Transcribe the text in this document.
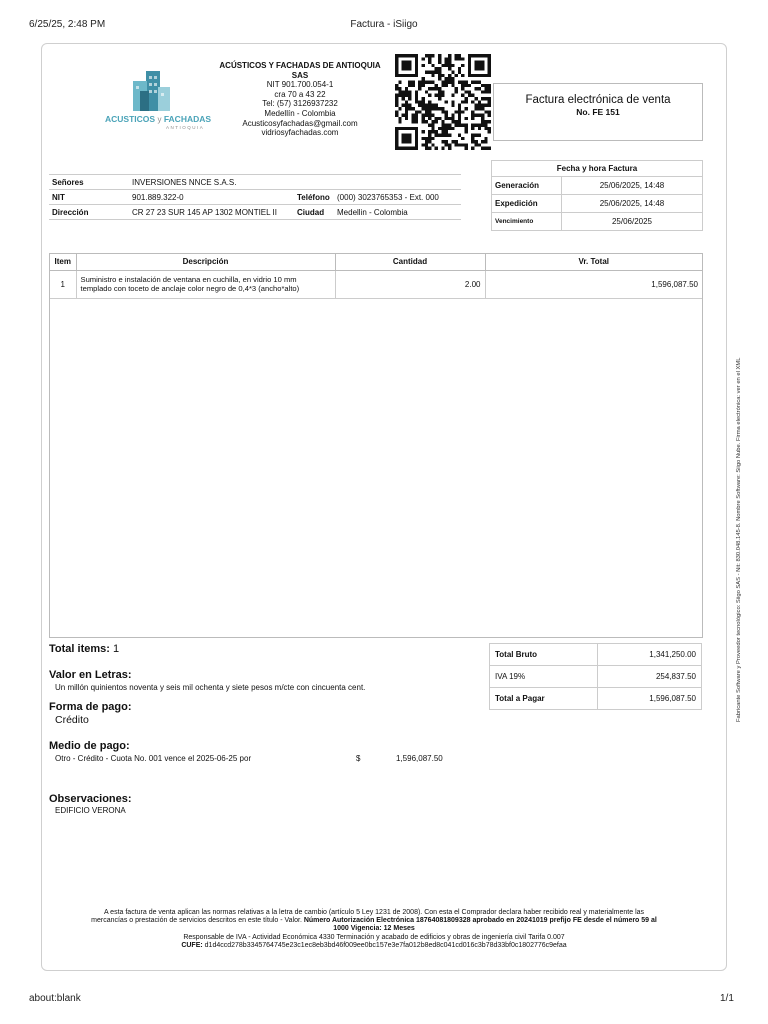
6/25/25, 2:48 PM	Factura - iSiigo
about:blank	1/1
ACUSTICOS y FACHADAS
ANTIOQUIA
ACÚSTICOS Y FACHADAS DE ANTIOQUIA
SAS
NIT 901.700.054-1
cra 70 a 43 22
Tel: (57) 3126937232
Medellín - Colombia
Acusticosyfachadas@gmail.com
vidriosyfachadas.com
Factura electrónica de venta
No. FE 151
Señores	INVERSIONES NNCE S.A.S.		
NIT	901.889.322-0	Teléfono	(000) 3023765353 - Ext. 000
Dirección	CR 27 23 SUR 145 AP 1302 MONTIEL II	Ciudad	Medellin - Colombia
Fecha y hora Factura	
Generación	25/06/2025, 14:48
Expedición	25/06/2025, 14:48
Vencimiento	25/06/2025
Item	Descripción	Cantidad	Vr. Total
1	Suministro e instalación de ventana en cuchilla, en vidrio 10 mm
templado con toceto de anclaje color negro de 0,4*3 (ancho*alto)	2.00	1,596,087.50
Total items: 1
Valor en Letras:
Un millón quinientos noventa y seis mil ochenta y siete pesos m/cte con cincuenta cent.
Forma de pago:
Crédito
Medio de pago:
Otro - Crédito - Cuota No. 001 vence el 2025-06-25 por	$	1,596,087.50
Observaciones:
EDIFICIO VERONA
Total Bruto	1,341,250.00
IVA 19%	254,837.50
Total a Pagar	1,596,087.50
A esta factura de venta aplican las normas relativas a la letra de cambio (artículo 5 Ley 1231 de 2008). Con esta el Comprador declara haber recibido real y materialmente las
mercancías o prestación de servicios descritos en este título - Valor. Número Autorización Electrónica 18764081809328 aprobado en 20241019 prefijo FE desde el número 59 al
1000 Vigencia: 12 Meses
Responsable de IVA - Actividad Económica 4330 Terminación y acabado de edificios y obras de ingeniería civil Tarifa 0.007
CUFE: d1d4ccd278b3345764745e23c1ec8eb3bd46f009ee0bc157e3e7fa012b8ed8c041cd016c3b78d33bf0c1802776c9efaa
Fabricante Software y Proveedor tecnológico: Siigo SAS - Nit: 830.048.145-8. Nombre Software: Siigo Nube. Firma electrónica: ver en el XML
